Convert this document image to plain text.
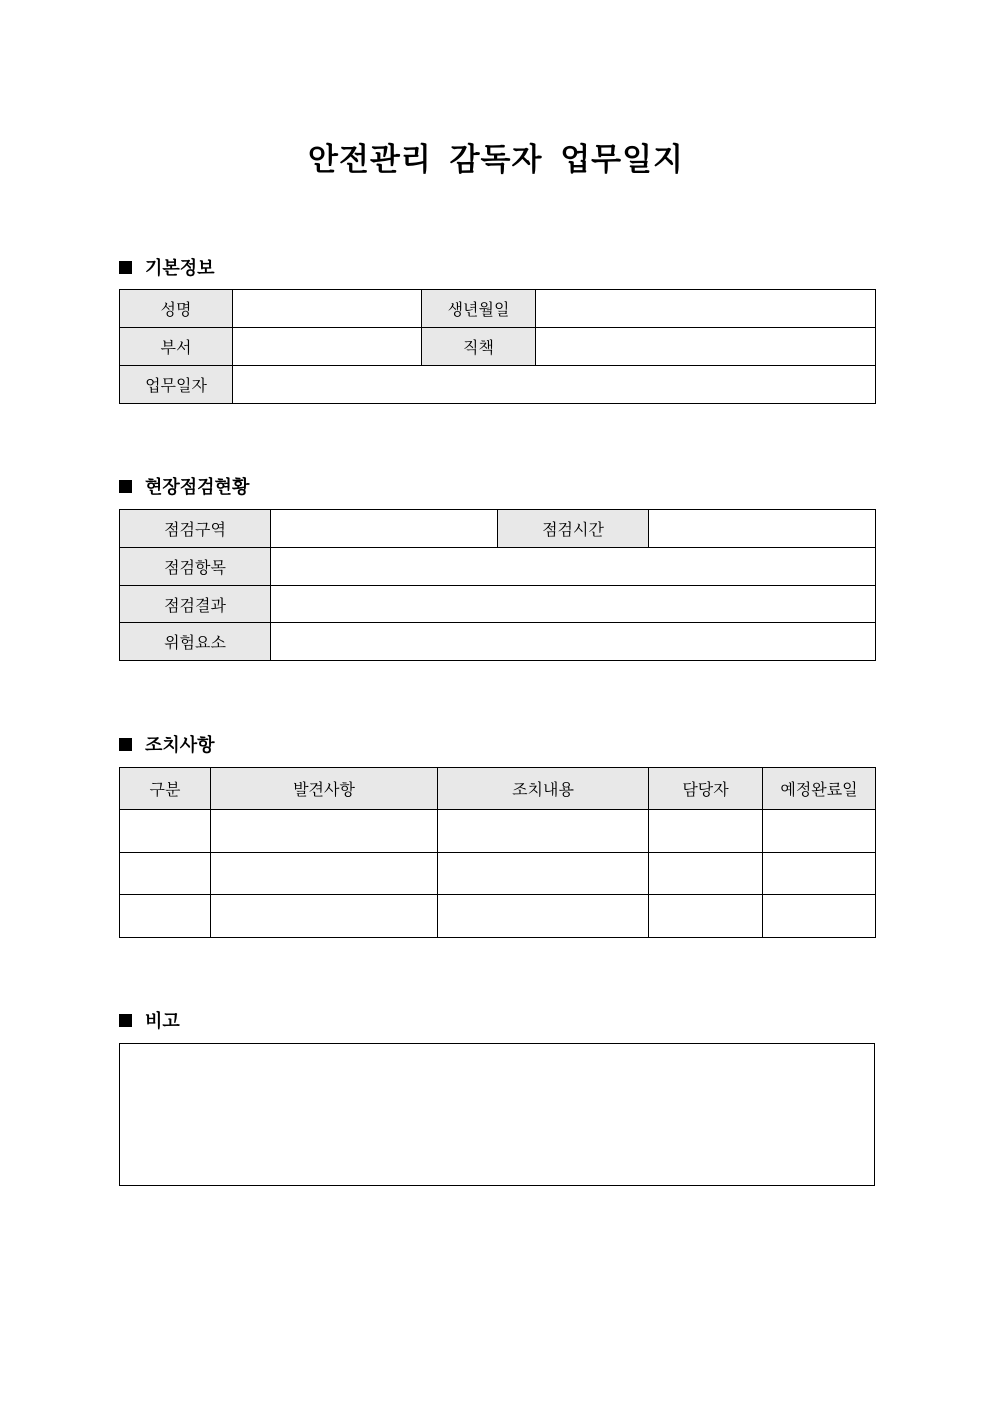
안전관리 감독자 업무일지
기본정보
성명		생년월일	
부서		직책	
업무일자			
현장점검현황
점검구역		점검시간	
점검항목			
점검결과			
위험요소			
조치사항
구분	발견사항	조치내용	담당자	예정완료일

비고
